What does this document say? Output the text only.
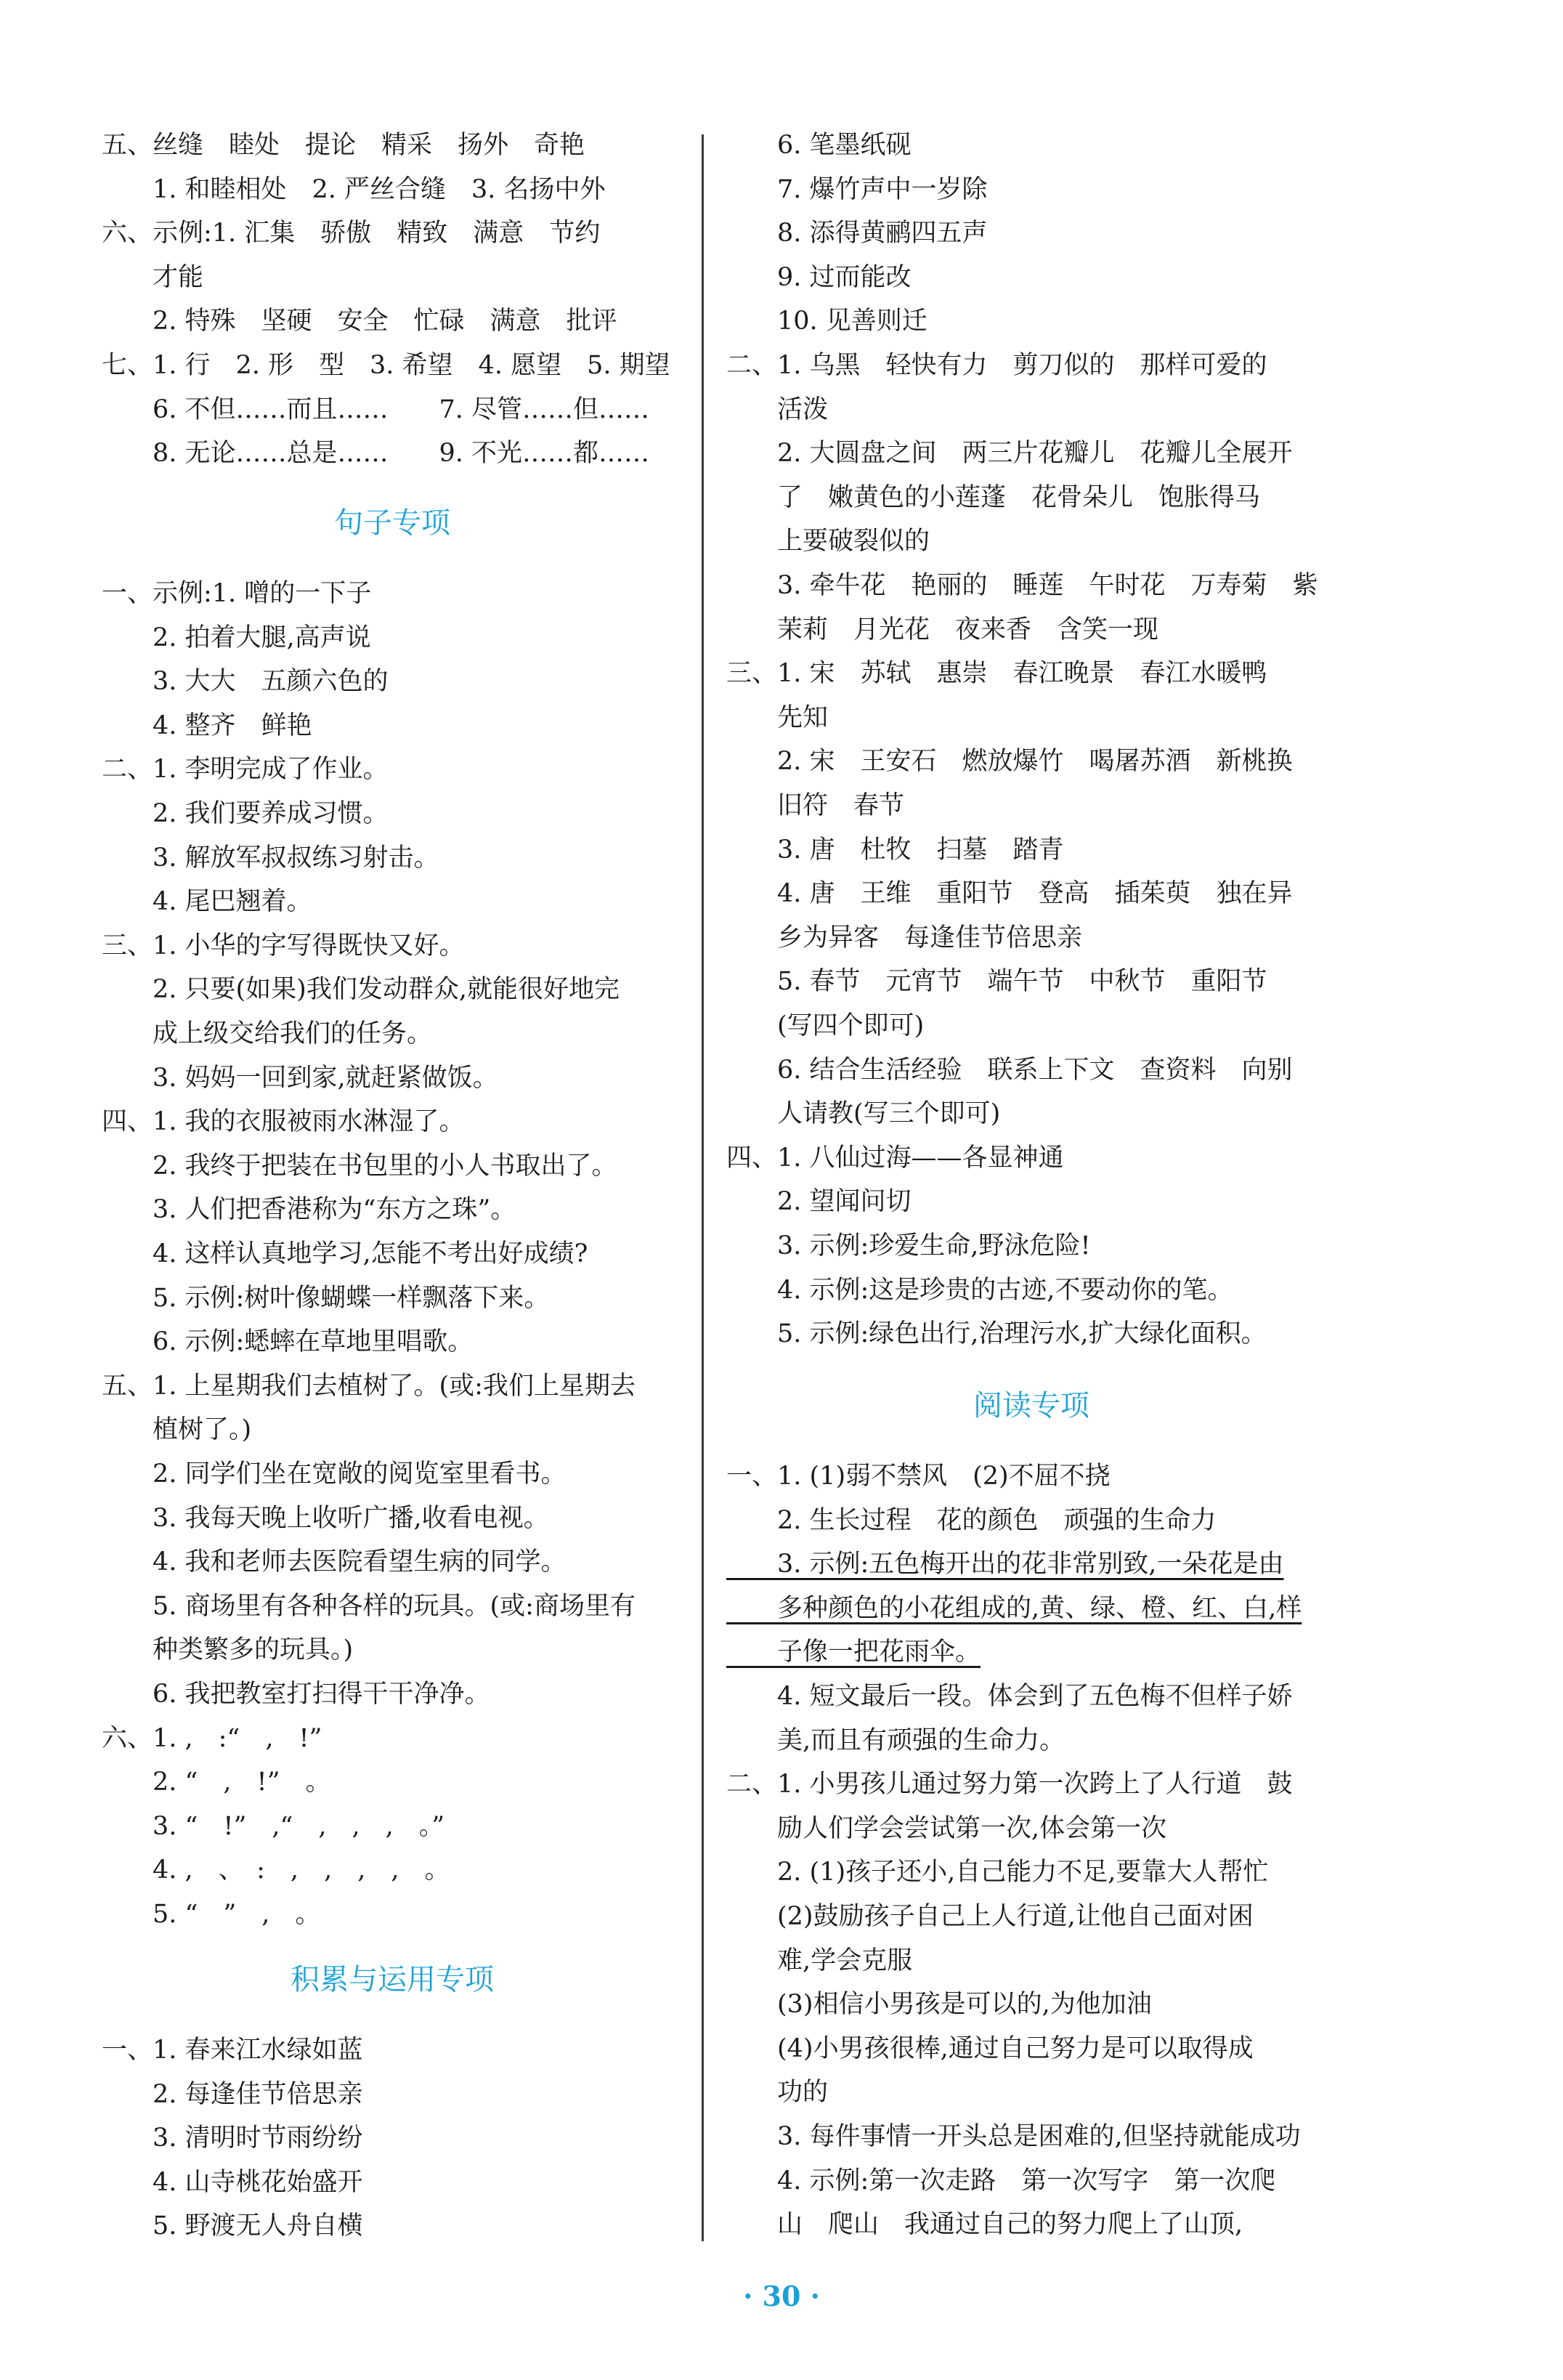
五、丝缝　睦处　提论　精采　扬外　奇艳
　　1. 和睦相处　2. 严丝合缝　3. 名扬中外
六、示例:1. 汇集　骄傲　精致　满意　节约
　　才能
　　2. 特殊　坚硬　安全　忙碌　满意　批评
七、1. 行　2. 形　型　3. 希望　4. 愿望　5. 期望
　　6. 不但……而且……　　7. 尽管……但……
　　8. 无论……总是……　　9. 不光……都……
句子专项
一、示例:1. 噌的一下子
　　2. 拍着大腿,高声说
　　3. 大大　五颜六色的
　　4. 整齐　鲜艳
二、1. 李明完成了作业。
　　2. 我们要养成习惯。
　　3. 解放军叔叔练习射击。
　　4. 尾巴翘着。
三、1. 小华的字写得既快又好。
　　2. 只要(如果)我们发动群众,就能很好地完
　　成上级交给我们的任务。
　　3. 妈妈一回到家,就赶紧做饭。
四、1. 我的衣服被雨水淋湿了。
　　2. 我终于把装在书包里的小人书取出了。
　　3. 人们把香港称为“东方之珠”。
　　4. 这样认真地学习,怎能不考出好成绩?
　　5. 示例:树叶像蝴蝶一样飘落下来。
　　6. 示例:蟋蟀在草地里唱歌。
五、1. 上星期我们去植树了。(或:我们上星期去
　　植树了。)
　　2. 同学们坐在宽敞的阅览室里看书。
　　3. 我每天晚上收听广播,收看电视。
　　4. 我和老师去医院看望生病的同学。
　　5. 商场里有各种各样的玩具。(或:商场里有
　　种类繁多的玩具。)
　　6. 我把教室打扫得干干净净。
六、1. ,　:“　,　!”
　　2. “　,　!”　。
　　3. “　!”　,“　,　,　,　。”
　　4. ,　、　:　,　,　,　,　。
　　5. “　”　,　。
积累与运用专项
一、1. 春来江水绿如蓝
　　2. 每逢佳节倍思亲
　　3. 清明时节雨纷纷
　　4. 山寺桃花始盛开
　　5. 野渡无人舟自横
　　6. 笔墨纸砚
　　7. 爆竹声中一岁除
　　8. 添得黄鹂四五声
　　9. 过而能改
　　10. 见善则迁
二、1. 乌黑　轻快有力　剪刀似的　那样可爱的
　　活泼
　　2. 大圆盘之间　两三片花瓣儿　花瓣儿全展开
　　了　嫩黄色的小莲蓬　花骨朵儿　饱胀得马
　　上要破裂似的
　　3. 牵牛花　艳丽的　睡莲　午时花　万寿菊　紫
　　茉莉　月光花　夜来香　含笑一现
三、1. 宋　苏轼　惠崇　春江晚景　春江水暖鸭
　　先知
　　2. 宋　王安石　燃放爆竹　喝屠苏酒　新桃换
　　旧符　春节
　　3. 唐　杜牧　扫墓　踏青
　　4. 唐　王维　重阳节　登高　插茱萸　独在异
　　乡为异客　每逢佳节倍思亲
　　5. 春节　元宵节　端午节　中秋节　重阳节
　　(写四个即可)
　　6. 结合生活经验　联系上下文　查资料　向别
　　人请教(写三个即可)
四、1. 八仙过海——各显神通
　　2. 望闻问切
　　3. 示例:珍爱生命,野泳危险!
　　4. 示例:这是珍贵的古迹,不要动你的笔。
　　5. 示例:绿色出行,治理污水,扩大绿化面积。
阅读专项
一、1. (1)弱不禁风　(2)不屈不挠
　　2. 生长过程　花的颜色　顽强的生命力
　　3. 示例:五色梅开出的花非常别致,一朵花是由
　　多种颜色的小花组成的,黄、绿、橙、红、白,样
　　子像一把花雨伞。
　　4. 短文最后一段。体会到了五色梅不但样子娇
　　美,而且有顽强的生命力。
二、1. 小男孩儿通过努力第一次跨上了人行道　鼓
　　励人们学会尝试第一次,体会第一次
　　2. (1)孩子还小,自己能力不足,要靠大人帮忙
　　(2)鼓励孩子自己上人行道,让他自己面对困
　　难,学会克服
　　(3)相信小男孩是可以的,为他加油
　　(4)小男孩很棒,通过自己努力是可以取得成
　　功的
　　3. 每件事情一开头总是困难的,但坚持就能成功
　　4. 示例:第一次走路　第一次写字　第一次爬
　　山　爬山　我通过自己的努力爬上了山顶,
· 30 ·
